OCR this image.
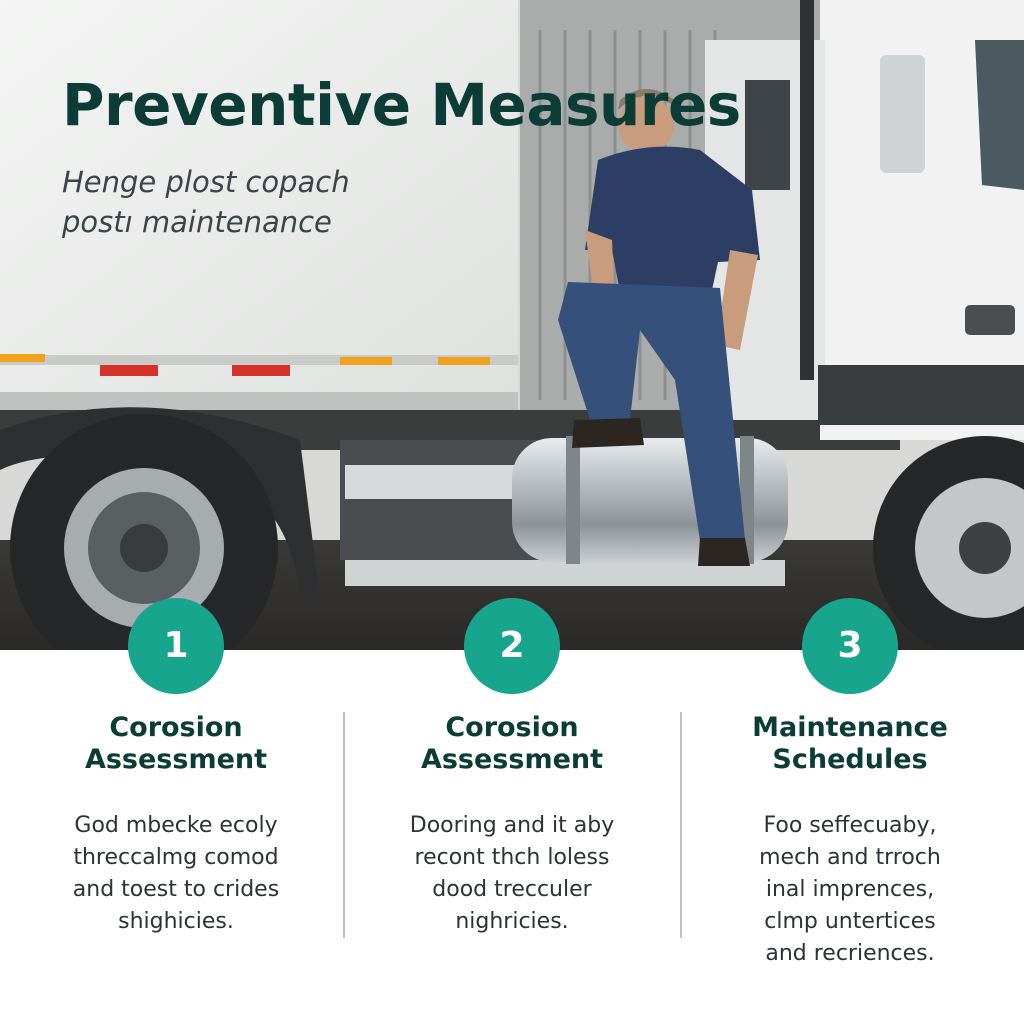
Preventive Measures

Henge plost copach
postı maintenance

1
Corosion
Assessment

God mbecke ecoly
threccalmg comod
and toest to crides
shighicies.

2
Corosion
Assessment

Dooring and it aby
recont thch loless
dood trecculer
nighricies.

3
Maintenance
Schedules

Foo seffecuaby,
mech and trroch
inal imprences,
clmp untertices
and recriences.
